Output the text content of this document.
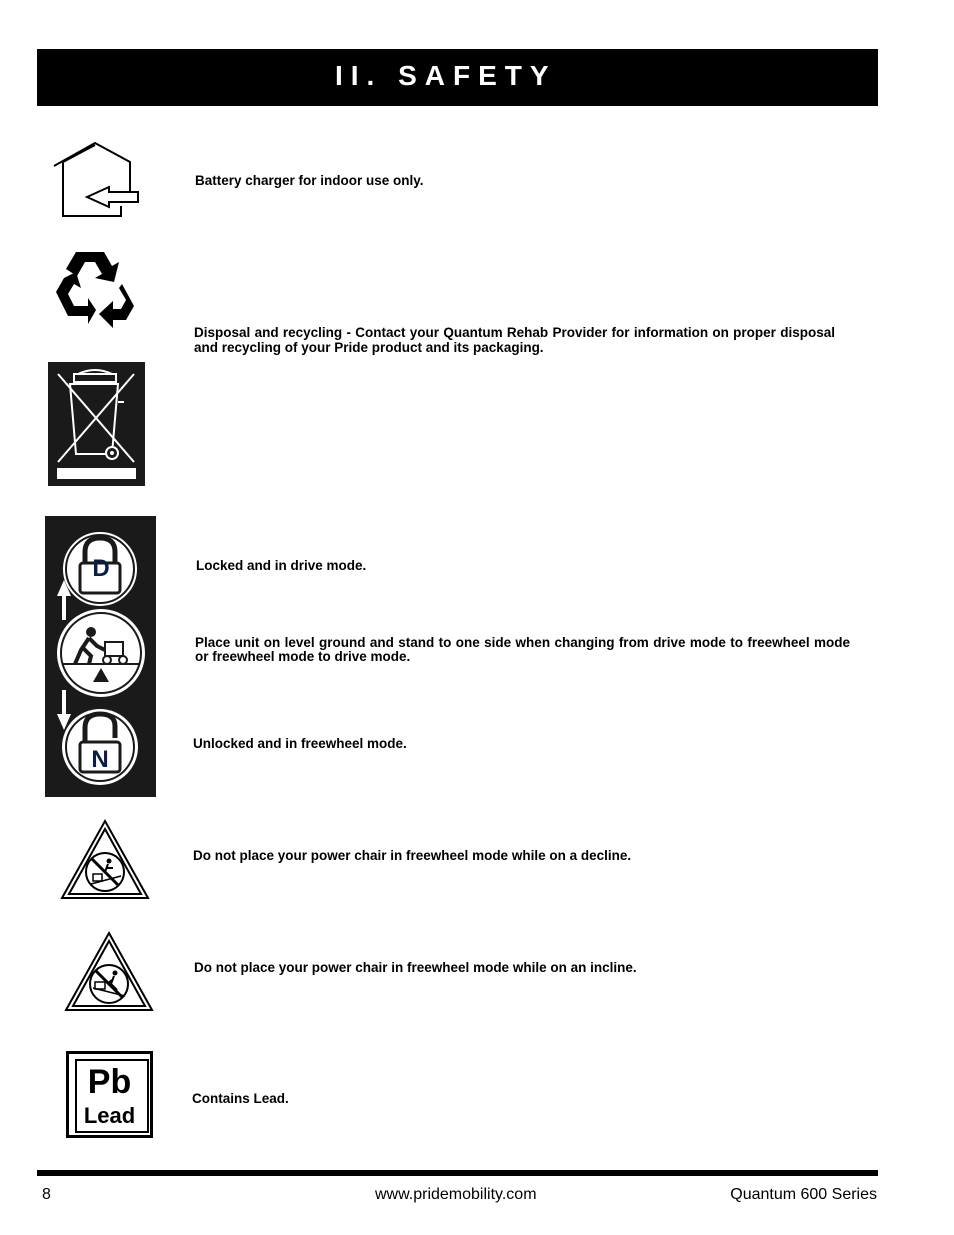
II. SAFETY
Battery charger for indoor use only.
Disposal and recycling - Contact your Quantum Rehab Provider for information on proper disposal and recycling of your Pride product and its packaging.
D
N
Locked and in drive mode.
Place unit on level ground and stand to one side when changing from drive mode to freewheel mode or freewheel mode to drive mode.
Unlocked and in freewheel mode.
Do not place your power chair in freewheel mode while on a decline.
Do not place your power chair in freewheel mode while on an incline.
Pb
Lead
Contains Lead.
8	www.pridemobility.com	Quantum 600 Series
